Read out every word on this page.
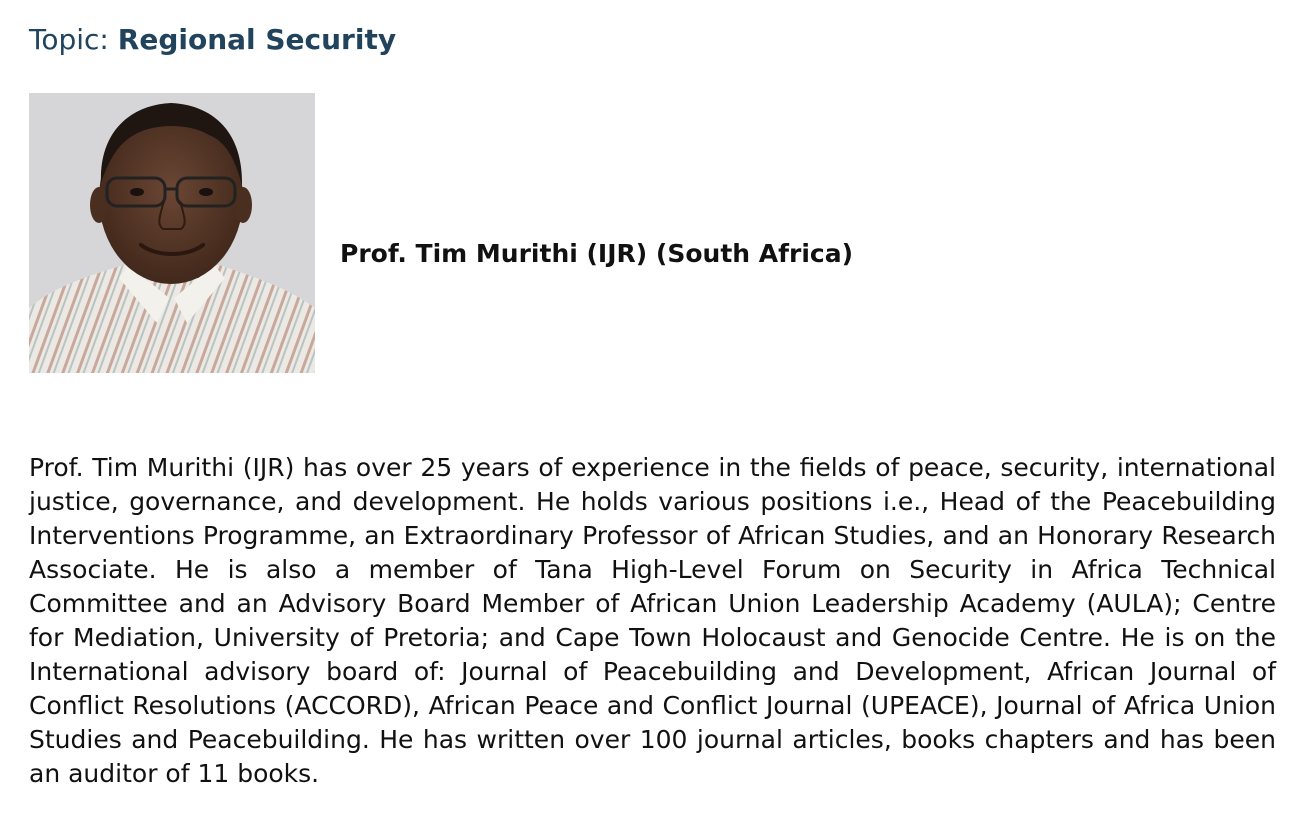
Topic: Regional Security
Prof. Tim Murithi (IJR) (South Africa)

Prof. Tim Murithi (IJR) has over 25 years of experience in the fields of peace, security, international justice, governance, and development. He holds various positions i.e., Head of the Peacebuilding Interventions Programme, an Extraordinary Professor of African Studies, and an Honorary Research Associate. He is also a member of Tana High-Level Forum on Security in Africa Technical Committee and an Advisory Board Member of African Union Leadership Academy (AULA); Centre for Mediation, University of Pretoria; and Cape Town Holocaust and Genocide Centre. He is on the International advisory board of: Journal of Peacebuilding and Development, African Journal of Conflict Resolutions (ACCORD), African Peace and Conflict Journal (UPEACE), Journal of Africa Union Studies and Peacebuilding. He has written over 100 journal articles, books chapters and has been an auditor of 11 books.
